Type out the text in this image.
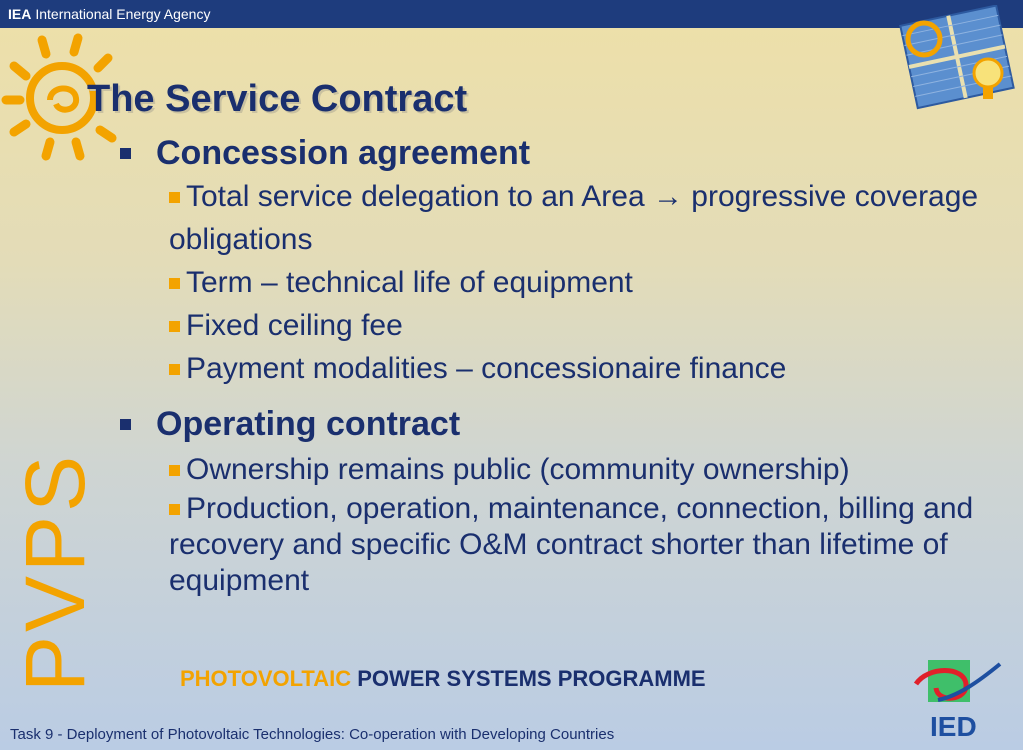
IEA International Energy Agency
The Service Contract

Concession agreement

Total service delegation to an Area → progressive coverage obligations

Term – technical life of equipment

Fixed ceiling fee

Payment modalities – concessionaire finance

Operating contract

Ownership remains public (community ownership)

Production, operation, maintenance, connection, billing and recovery and specific O&M contract shorter than lifetime of equipment

PVPS	PHOTOVOLTAIC POWER SYSTEMS PROGRAMME
Task 9 - Deployment of Photovoltaic Technologies: Co-operation with Developing Countries	IED
